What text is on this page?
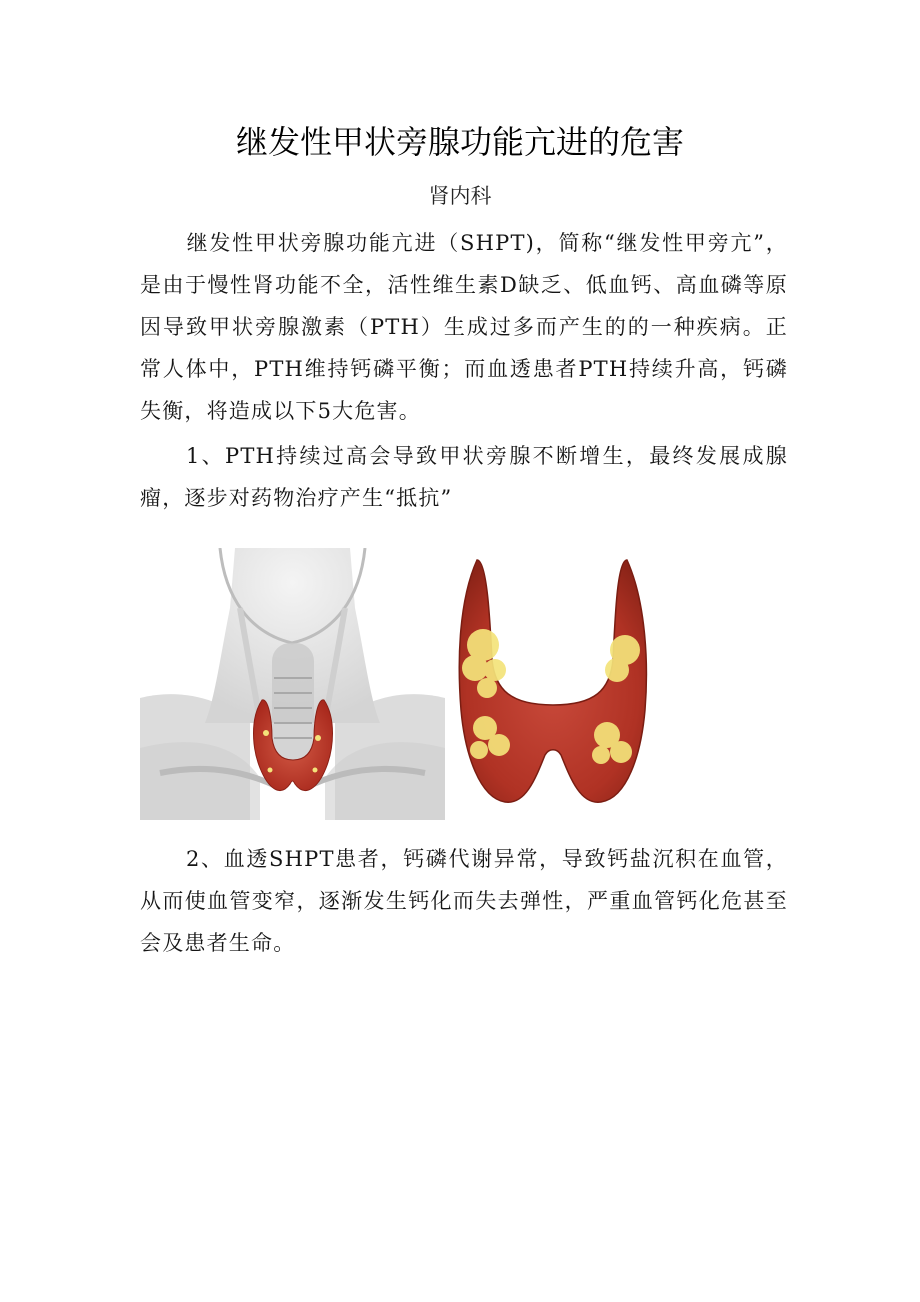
继发性甲状旁腺功能亢进的危害

肾内科

继发性甲状旁腺功能亢进（SHPT)，简称“继发性甲旁亢”，是由于慢性肾功能不全，活性维生素D缺乏、低血钙、高血磷等原因导致甲状旁腺激素（PTH）生成过多而产生的的一种疾病。正常人体中，PTH维持钙磷平衡；而血透患者PTH持续升高，钙磷失衡，将造成以下5大危害。

1、PTH持续过高会导致甲状旁腺不断增生，最终发展成腺瘤，逐步对药物治疗产生“抵抗”

2、血透SHPT患者，钙磷代谢异常，导致钙盐沉积在血管，从而使血管变窄，逐渐发生钙化而失去弹性，严重血管钙化危甚至会及患者生命。
